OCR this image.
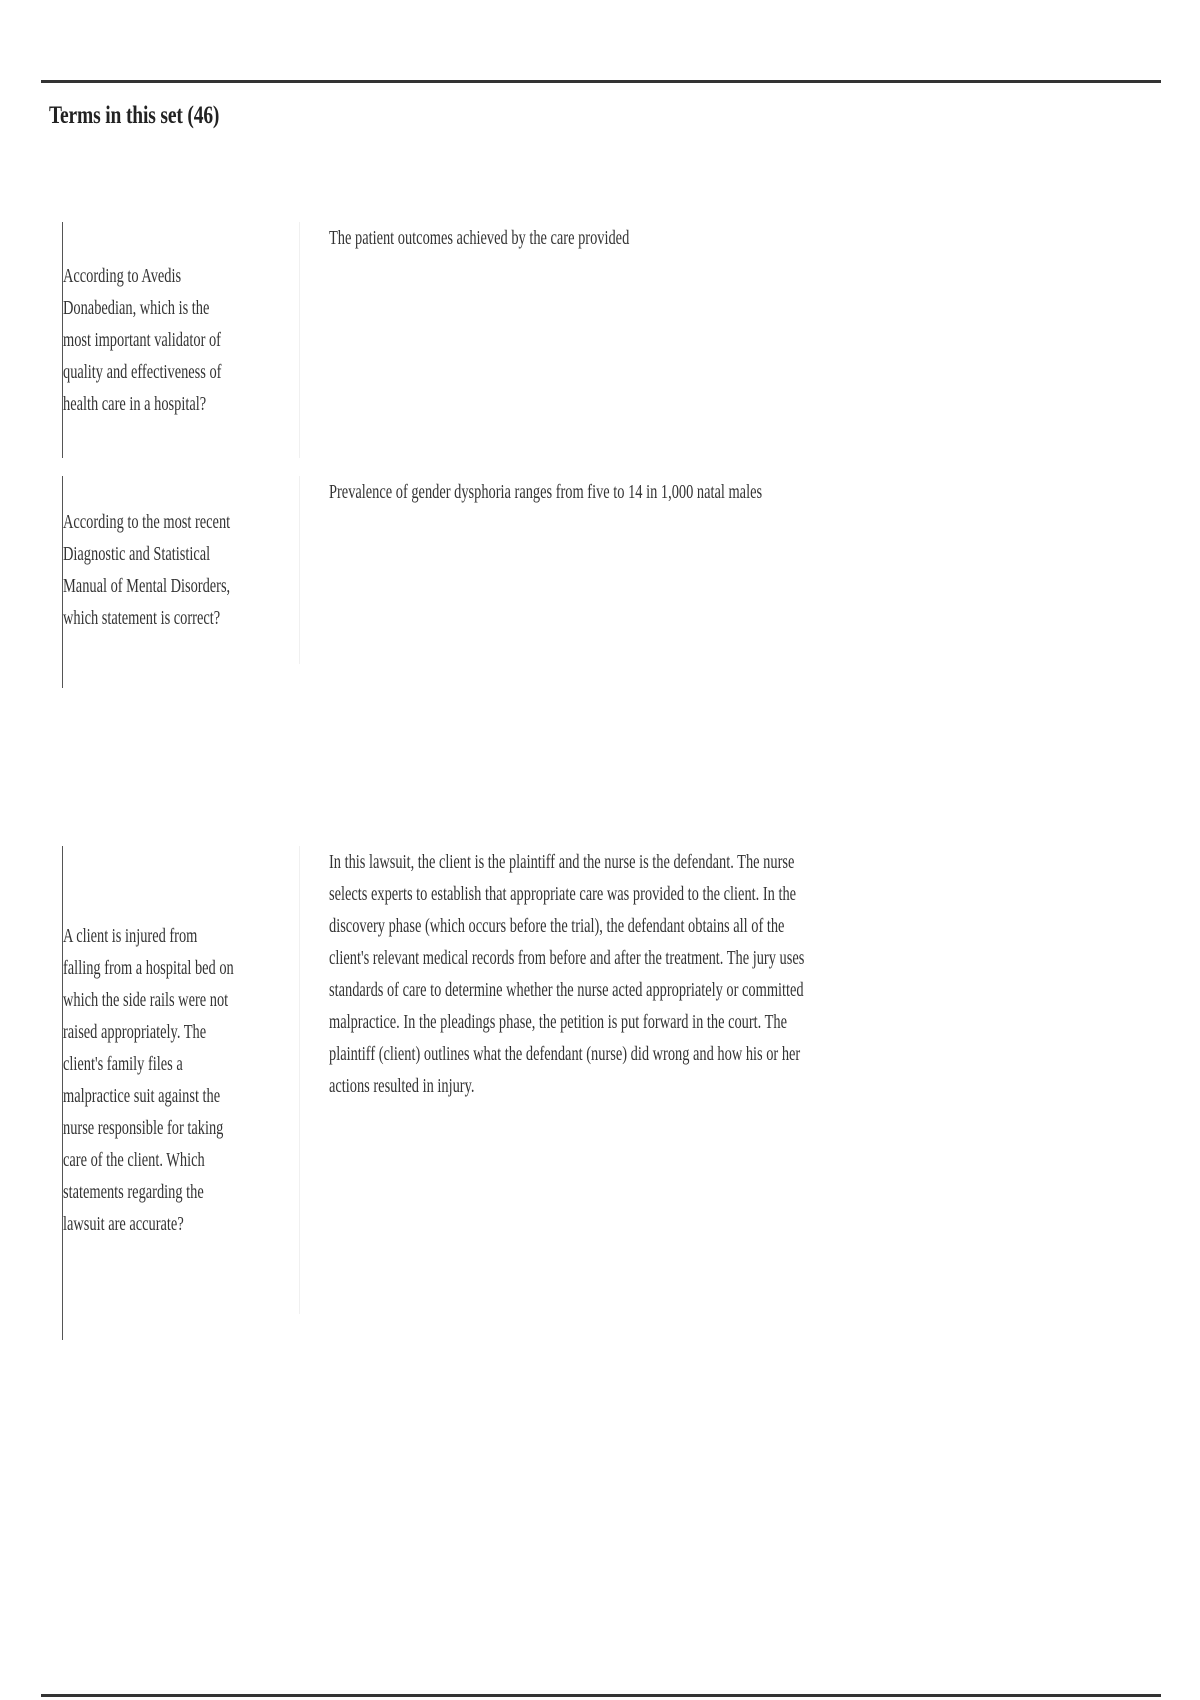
Terms in this set (46)

According to Avedis Donabedian, which is the most important validator of quality and effectiveness of health care in a hospital?

The patient outcomes achieved by the care provided

According to the most recent Diagnostic and Statistical Manual of Mental Disorders, which statement is correct?

Prevalence of gender dysphoria ranges from five to 14 in 1,000 natal males

A client is injured from falling from a hospital bed on which the side rails were not raised appropriately. The client's family files a malpractice suit against the nurse responsible for taking care of the client. Which statements regarding the lawsuit are accurate?

In this lawsuit, the client is the plaintiff and the nurse is the defendant. The nurse selects experts to establish that appropriate care was provided to the client. In the discovery phase (which occurs before the trial), the defendant obtains all of the client's relevant medical records from before and after the treatment. The jury uses standards of care to determine whether the nurse acted appropriately or committed malpractice. In the pleadings phase, the petition is put forward in the court. The plaintiff (client) outlines what the defendant (nurse) did wrong and how his or her actions resulted in injury.
